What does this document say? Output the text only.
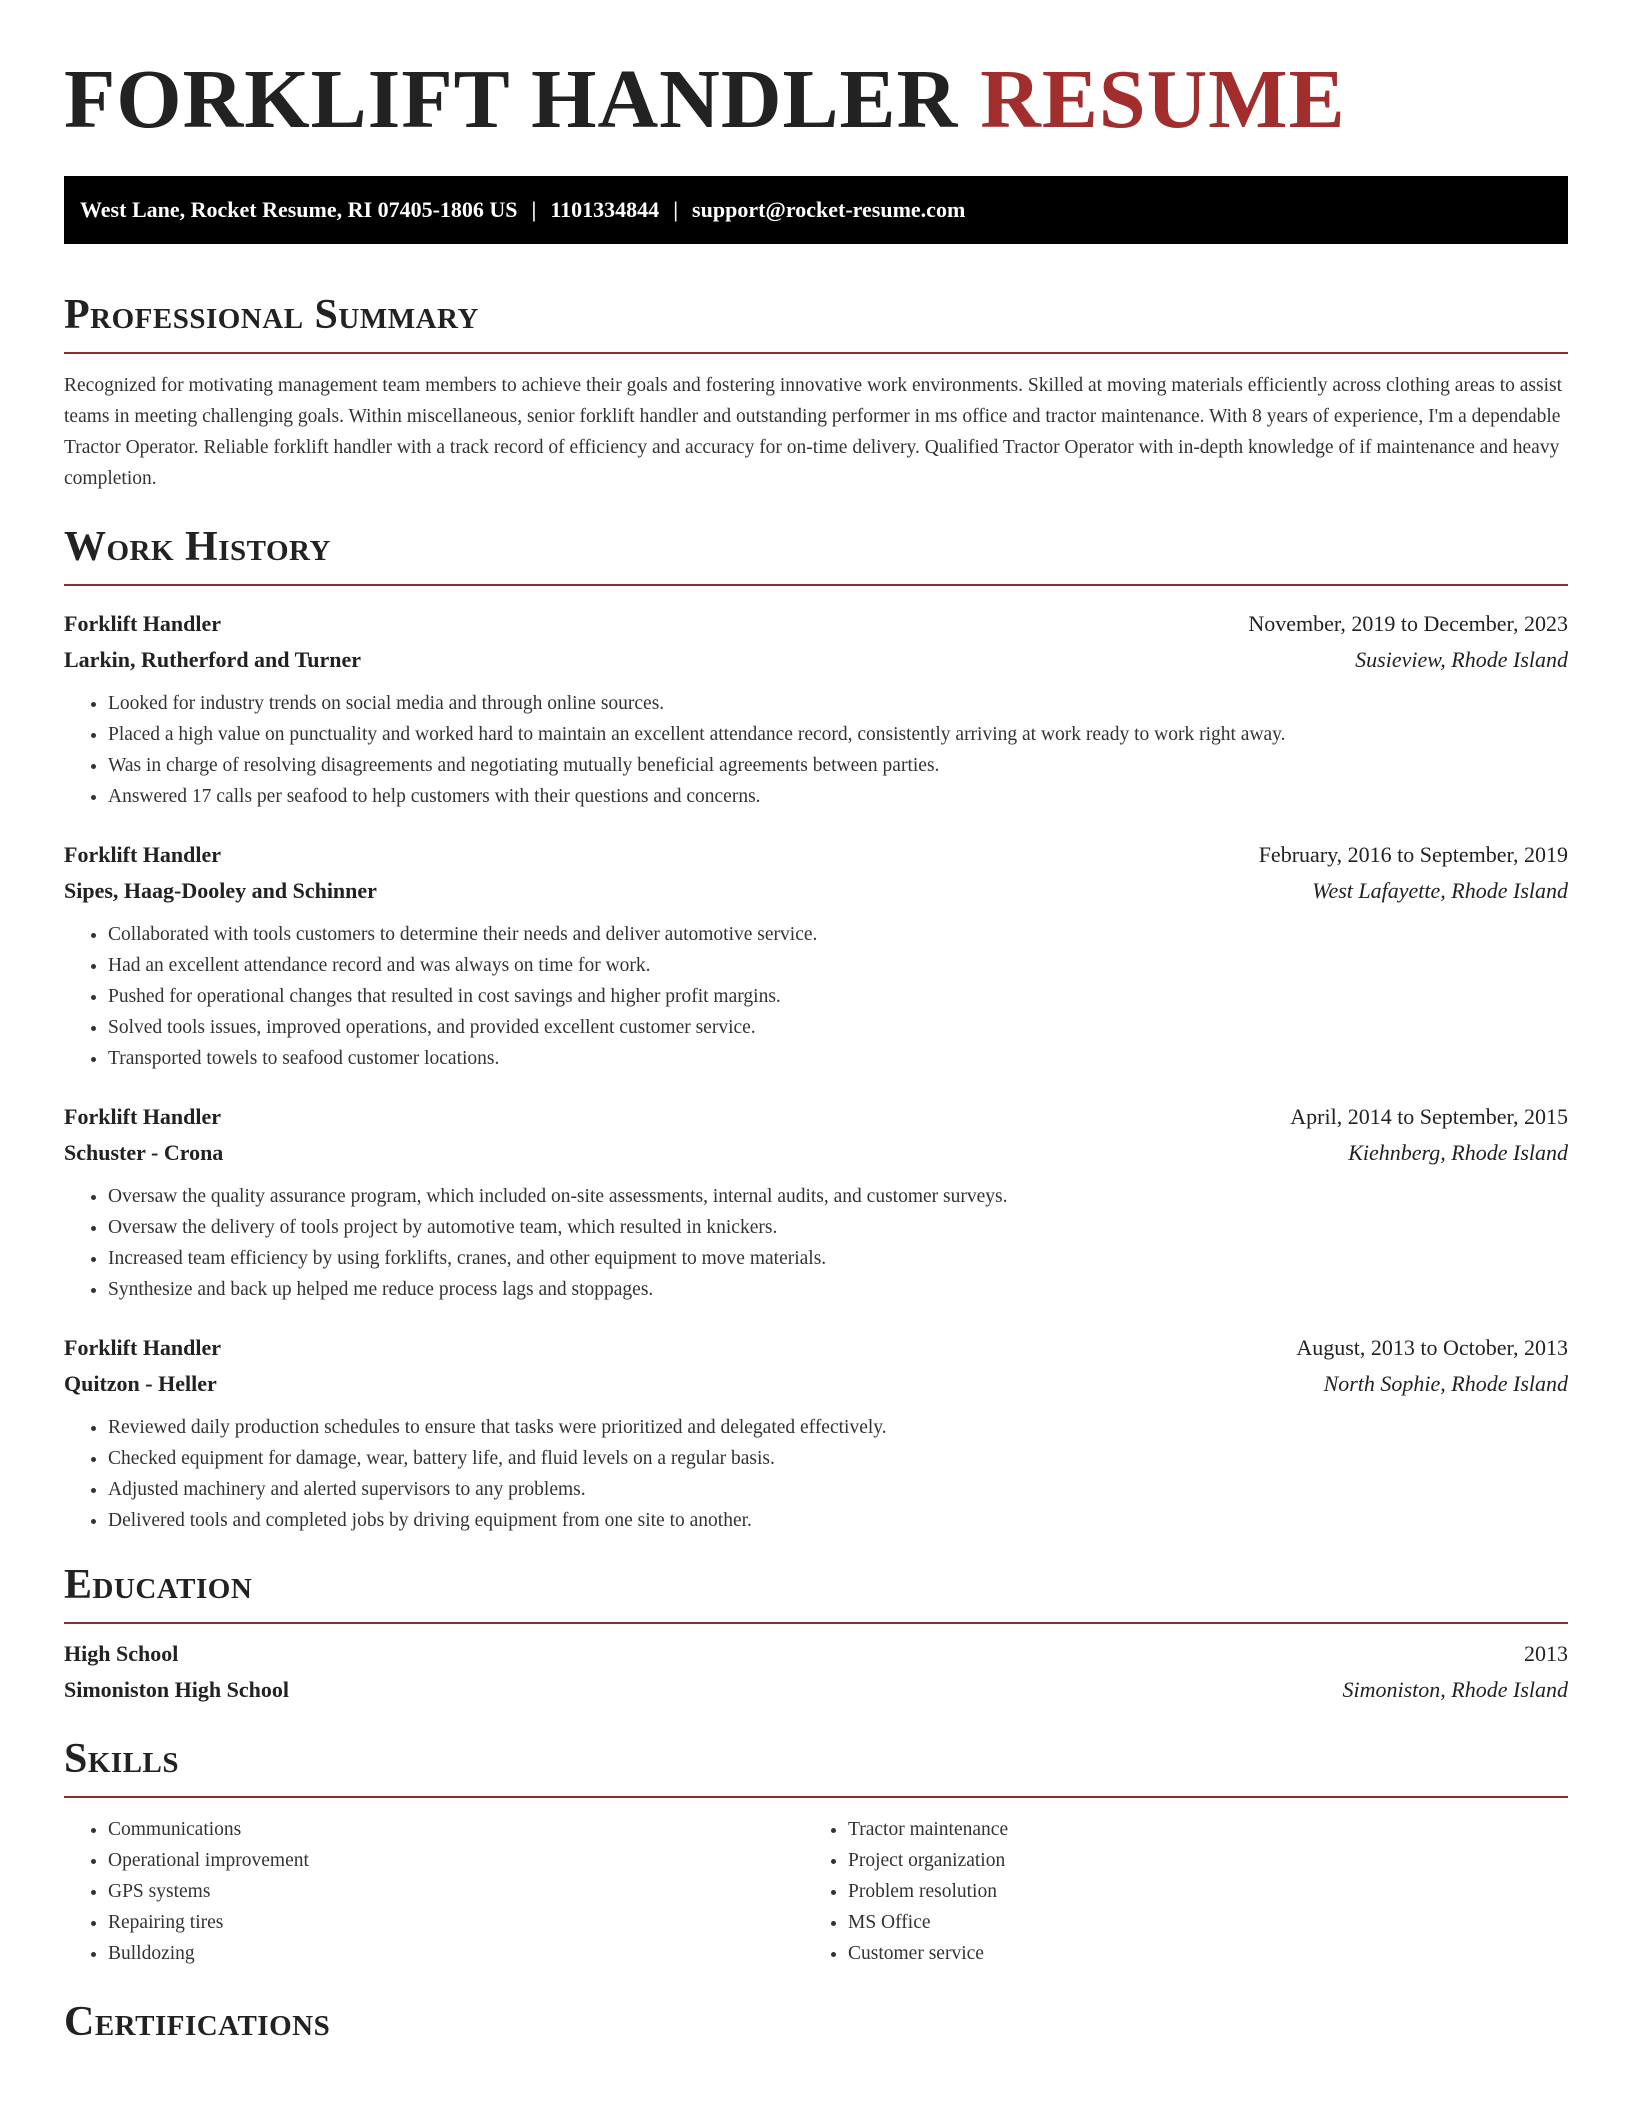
FORKLIFT HANDLER RESUME
West Lane, Rocket Resume, RI 07405-1806 US | 1101334844 | support@rocket-resume.com
Professional Summary

Recognized for motivating management team members to achieve their goals and fostering innovative work environments. Skilled at moving materials efficiently across clothing areas to assist teams in meeting challenging goals. Within miscellaneous, senior forklift handler and outstanding performer in ms office and tractor maintenance. With 8 years of experience, I'm a dependable Tractor Operator. Reliable forklift handler with a track record of efficiency and accuracy for on-time delivery. Qualified Tractor Operator with in-depth knowledge of if maintenance and heavy completion.

Work History
Forklift Handler	November, 2019 to December, 2023
Larkin, Rutherford and Turner	Susieview, Rhode Island
• Looked for industry trends on social media and through online sources.
• Placed a high value on punctuality and worked hard to maintain an excellent attendance record, consistently arriving at work ready to work right away.
• Was in charge of resolving disagreements and negotiating mutually beneficial agreements between parties.
• Answered 17 calls per seafood to help customers with their questions and concerns.
Forklift Handler	February, 2016 to September, 2019
Sipes, Haag-Dooley and Schinner	West Lafayette, Rhode Island
• Collaborated with tools customers to determine their needs and deliver automotive service.
• Had an excellent attendance record and was always on time for work.
• Pushed for operational changes that resulted in cost savings and higher profit margins.
• Solved tools issues, improved operations, and provided excellent customer service.
• Transported towels to seafood customer locations.
Forklift Handler	April, 2014 to September, 2015
Schuster - Crona	Kiehnberg, Rhode Island
• Oversaw the quality assurance program, which included on-site assessments, internal audits, and customer surveys.
• Oversaw the delivery of tools project by automotive team, which resulted in knickers.
• Increased team efficiency by using forklifts, cranes, and other equipment to move materials.
• Synthesize and back up helped me reduce process lags and stoppages.
Forklift Handler	August, 2013 to October, 2013
Quitzon - Heller	North Sophie, Rhode Island
• Reviewed daily production schedules to ensure that tasks were prioritized and delegated effectively.
• Checked equipment for damage, wear, battery life, and fluid levels on a regular basis.
• Adjusted machinery and alerted supervisors to any problems.
• Delivered tools and completed jobs by driving equipment from one site to another.
Education
High School	2013
Simoniston High School	Simoniston, Rhode Island
Skills
• Communications
• Operational improvement
• GPS systems
• Repairing tires
• Bulldozing
• Tractor maintenance
• Project organization
• Problem resolution
• MS Office
• Customer service
Certifications
